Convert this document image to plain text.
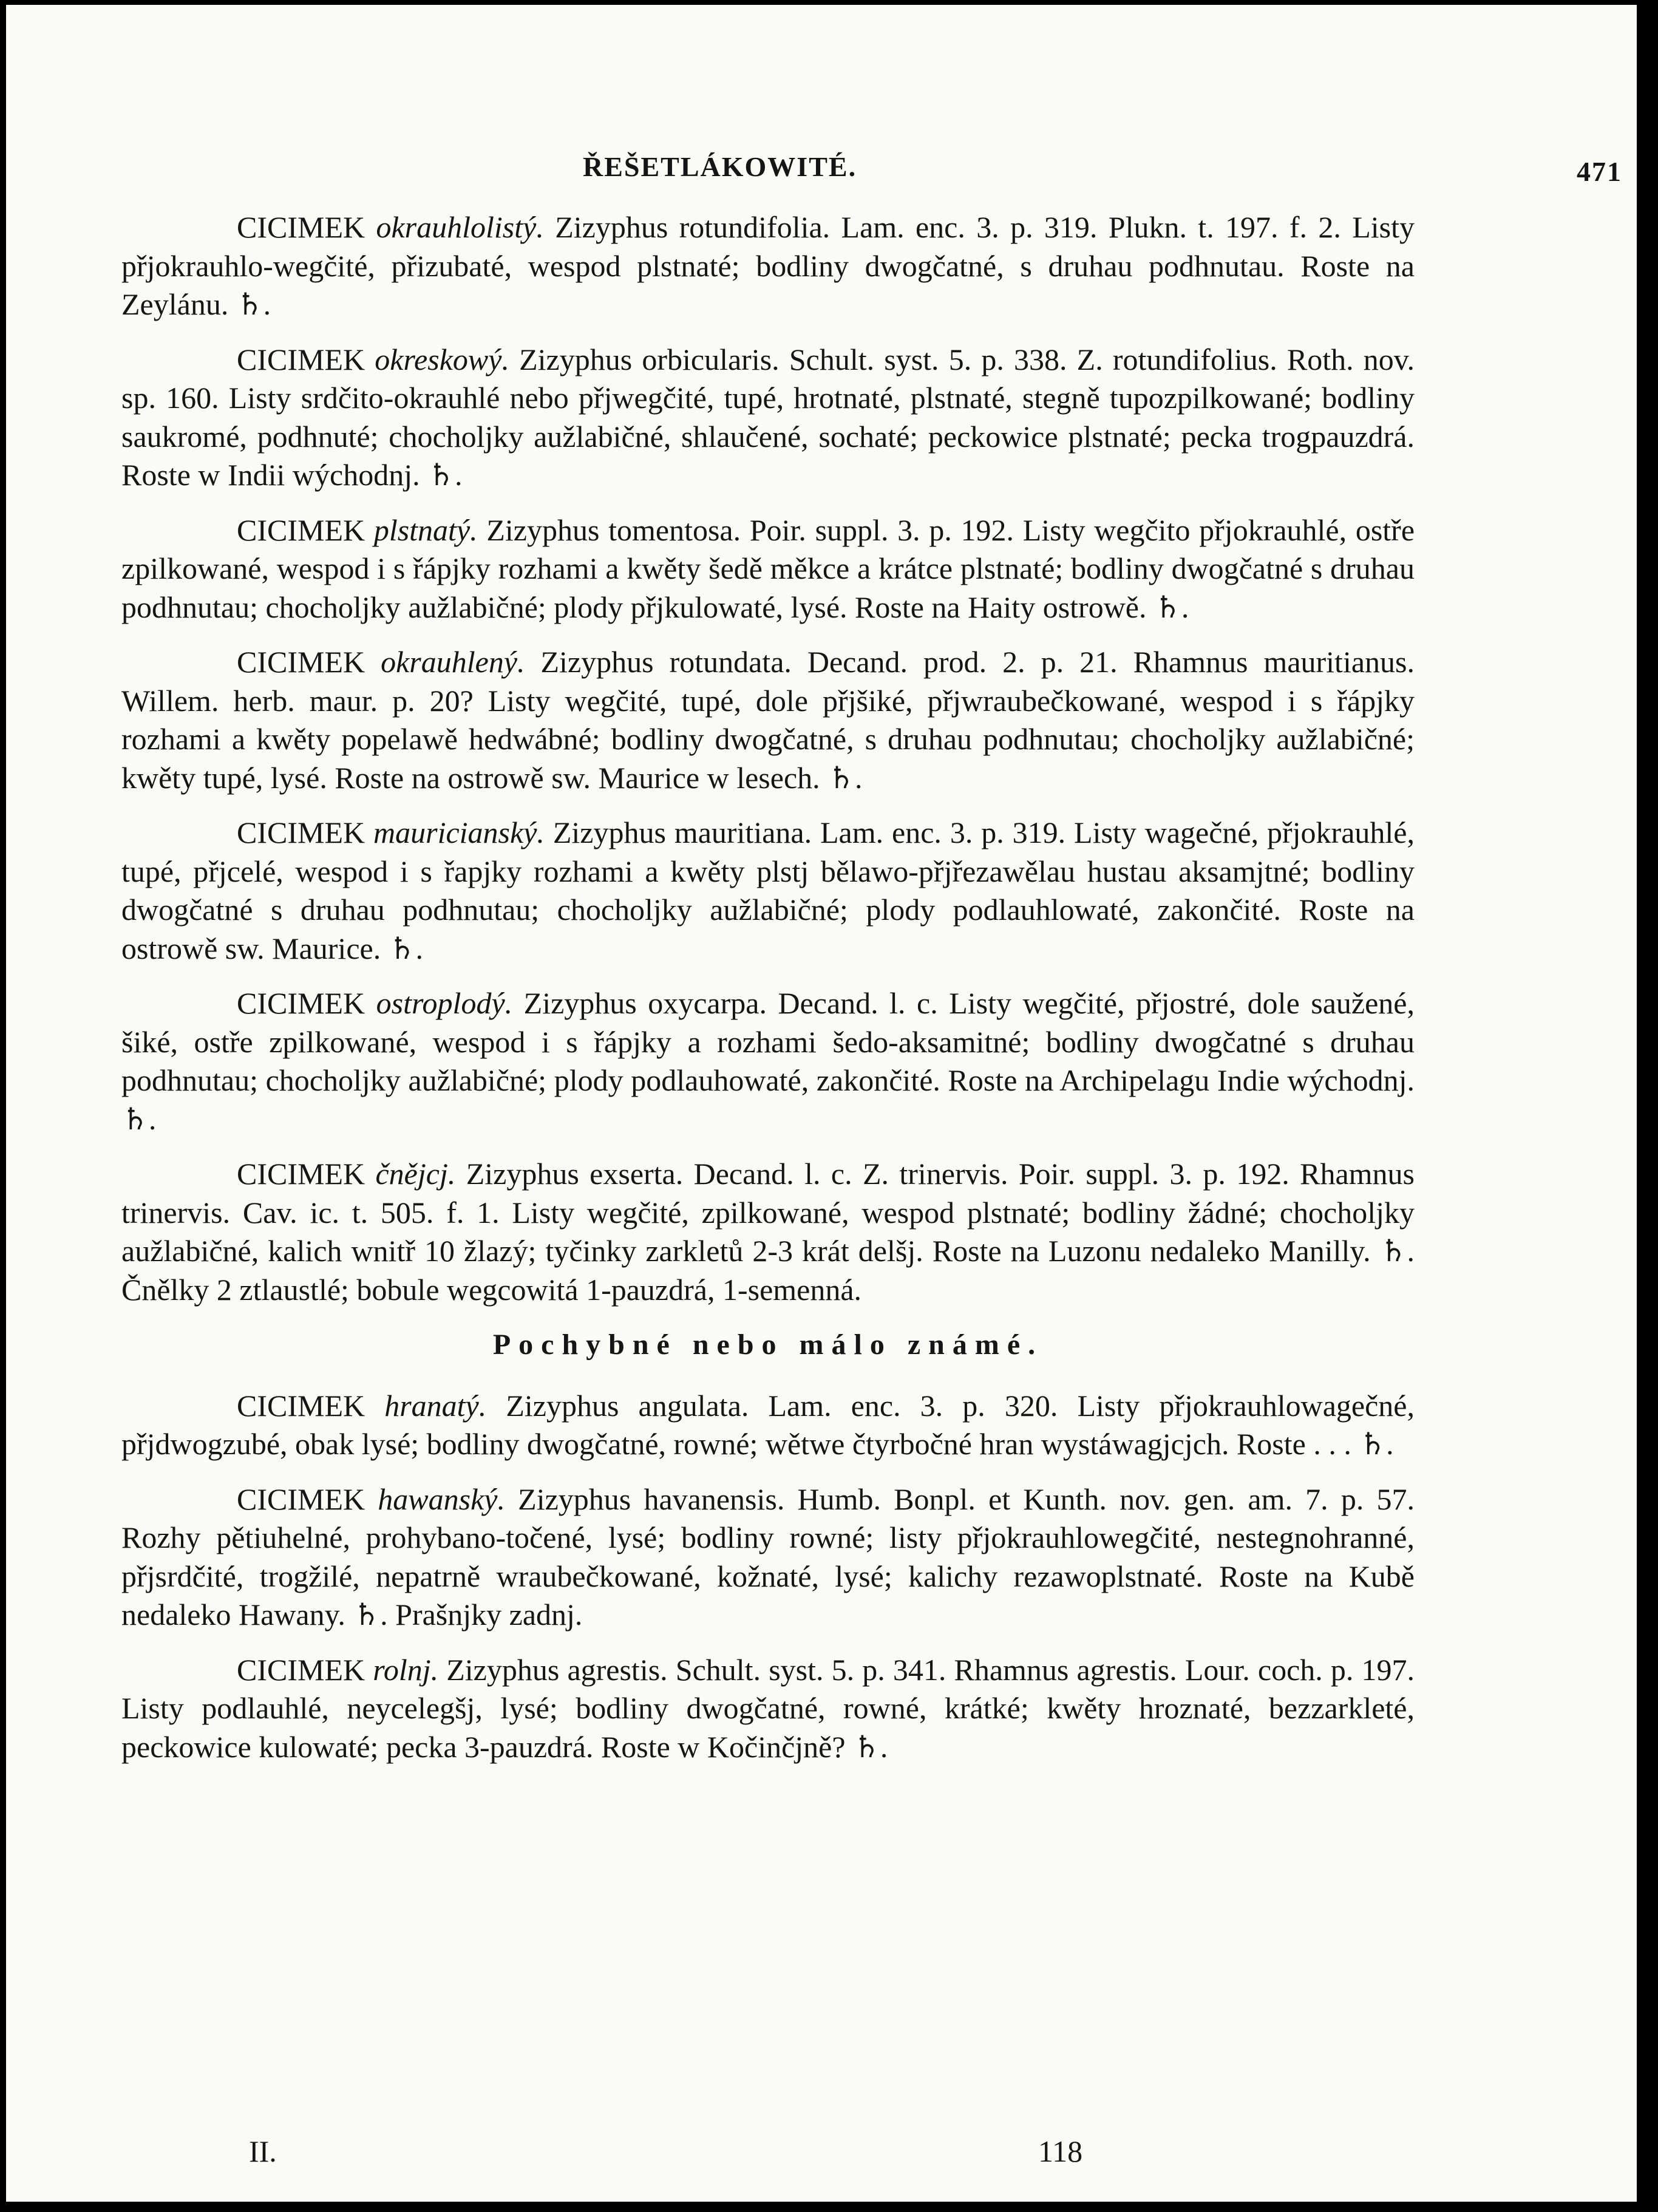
ŘEŠETLÁKOWITÉ.	471

CICIMEK okrauhlolistý. Zizyphus rotundifolia. Lam. enc. 3. p. 319. Plukn. t. 197. f. 2. Listy přjokrauhlo-wegčité, přizubaté, wespod plstnaté; bodliny dwogčatné, s druhau podhnutau. Roste na Zeylánu. ♄.

CICIMEK okreskowý. Zizyphus orbicularis. Schult. syst. 5. p. 338. Z. rotundifolius. Roth. nov. sp. 160. Listy srdčito-okrauhlé nebo přjwegčité, tupé, hrotnaté, plstnaté, stegně tupozpilkowané; bodliny saukromé, podhnuté; chocholjky aužlabičné, shlaučené, sochaté; peckowice plstnaté; pecka trogpauzdrá. Roste w Indii wýchodnj. ♄.

CICIMEK plstnatý. Zizyphus tomentosa. Poir. suppl. 3. p. 192. Listy wegčito přjokrauhlé, ostře zpilkowané, wespod i s řápjky rozhami a kwěty šedě měkce a krátce plstnaté; bodliny dwogčatné s druhau podhnutau; chocholjky aužlabičné; plody přjkulowaté, lysé. Roste na Haity ostrowě. ♄.

CICIMEK okrauhlený. Zizyphus rotundata. Decand. prod. 2. p. 21. Rhamnus mauritianus. Willem. herb. maur. p. 20? Listy wegčité, tupé, dole přjšiké, přjwraubečkowané, wespod i s řápjky rozhami a kwěty popelawě hedwábné; bodliny dwogčatné, s druhau podhnutau; chocholjky aužlabičné; kwěty tupé, lysé. Roste na ostrowě sw. Maurice w lesech. ♄.

CICIMEK mauricianský. Zizyphus mauritiana. Lam. enc. 3. p. 319. Listy wagečné, přjokrauhlé, tupé, přjcelé, wespod i s řapjky rozhami a kwěty plstj bělawo-přjřezawělau hustau aksamjtné; bodliny dwogčatné s druhau podhnutau; chocholjky aužlabičné; plody podlauhlowaté, zakončité. Roste na ostrowě sw. Maurice. ♄.

CICIMEK ostroplodý. Zizyphus oxycarpa. Decand. l. c. Listy wegčité, přjostré, dole saužené, šiké, ostře zpilkowané, wespod i s řápjky a rozhami šedo-aksamitné; bodliny dwogčatné s druhau podhnutau; chocholjky aužlabičné; plody podlauhowaté, zakončité. Roste na Archipelagu Indie wýchodnj. ♄.

CICIMEK čnějcj. Zizyphus exserta. Decand. l. c. Z. trinervis. Poir. suppl. 3. p. 192. Rhamnus trinervis. Cav. ic. t. 505. f. 1. Listy wegčité, zpilkowané, wespod plstnaté; bodliny žádné; chocholjky aužlabičné, kalich wnitř 10 žlazý; tyčinky zarkletů 2-3 krát delšj. Roste na Luzonu nedaleko Manilly. ♄. Čnělky 2 ztlaustlé; bobule wegcowitá 1-pauzdrá, 1-semenná.

Pochybné nebo málo známé.

CICIMEK hranatý. Zizyphus angulata. Lam. enc. 3. p. 320. Listy přjokrauhlowagečné, přjdwogzubé, obak lysé; bodliny dwogčatné, rowné; wětwe čtyrbočné hran wystáwagjcjch. Roste . . . ♄.

CICIMEK hawanský. Zizyphus havanensis. Humb. Bonpl. et Kunth. nov. gen. am. 7. p. 57. Rozhy pětiuhelné, prohybano-točené, lysé; bodliny rowné; listy přjokrauhlowegčité, nestegnohranné, přjsrdčité, trogžilé, nepatrně wraubečkowané, kožnaté, lysé; kalichy rezawoplstnaté. Roste na Kubě nedaleko Hawany. ♄. Prašnjky zadnj.

CICIMEK rolnj. Zizyphus agrestis. Schult. syst. 5. p. 341. Rhamnus agrestis. Lour. coch. p. 197. Listy podlauhlé, neycelegšj, lysé; bodliny dwogčatné, rowné, krátké; kwěty hroznaté, bezzarkleté, peckowice kulowaté; pecka 3-pauzdrá. Roste w Kočinčjně? ♄.

II.	118
